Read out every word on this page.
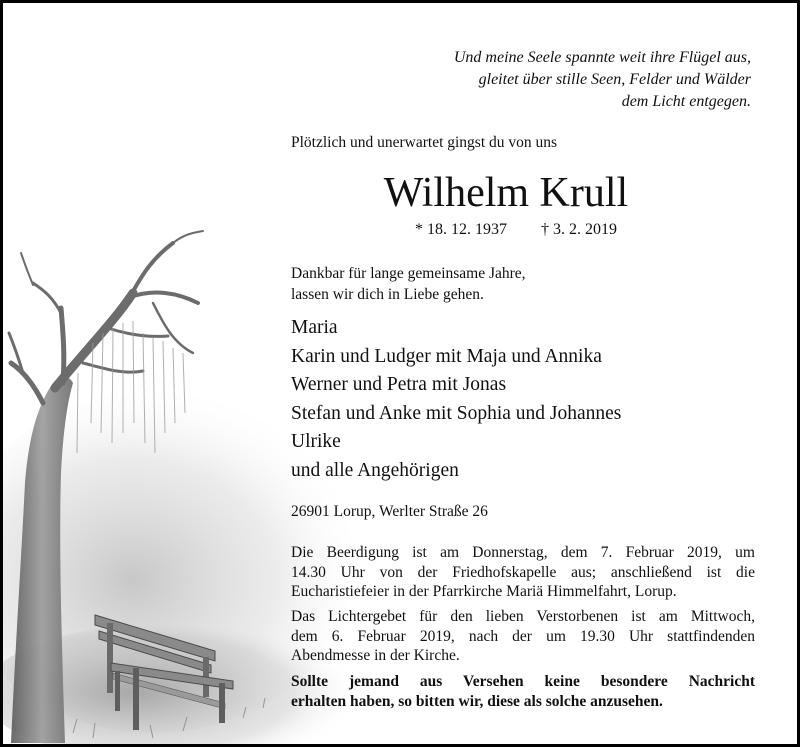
Und meine Seele spannte weit ihre Flügel aus,
gleitet über stille Seen, Felder und Wälder
dem Licht entgegen.
Plötzlich und unerwartet gingst du von uns
Wilhelm Krull
* 18. 12. 1937 † 3. 2. 2019
Dankbar für lange gemeinsame Jahre,
lassen wir dich in Liebe gehen.
Maria
Karin und Ludger mit Maja und Annika
Werner und Petra mit Jonas
Stefan und Anke mit Sophia und Johannes
Ulrike
und alle Angehörigen
26901 Lorup, Werlter Straße 26
Die Beerdigung ist am Donnerstag, dem 7. Februar 2019, um
14.30 Uhr von der Friedhofskapelle aus; anschließend ist die
Eucharistiefeier in der Pfarrkirche Mariä Himmelfahrt, Lorup.
Das Lichtergebet für den lieben Verstorbenen ist am Mittwoch,
dem 6. Februar 2019, nach der um 19.30 Uhr stattfindenden
Abendmesse in der Kirche.
Sollte jemand aus Versehen keine besondere Nachricht
erhalten haben, so bitten wir, diese als solche anzusehen.
